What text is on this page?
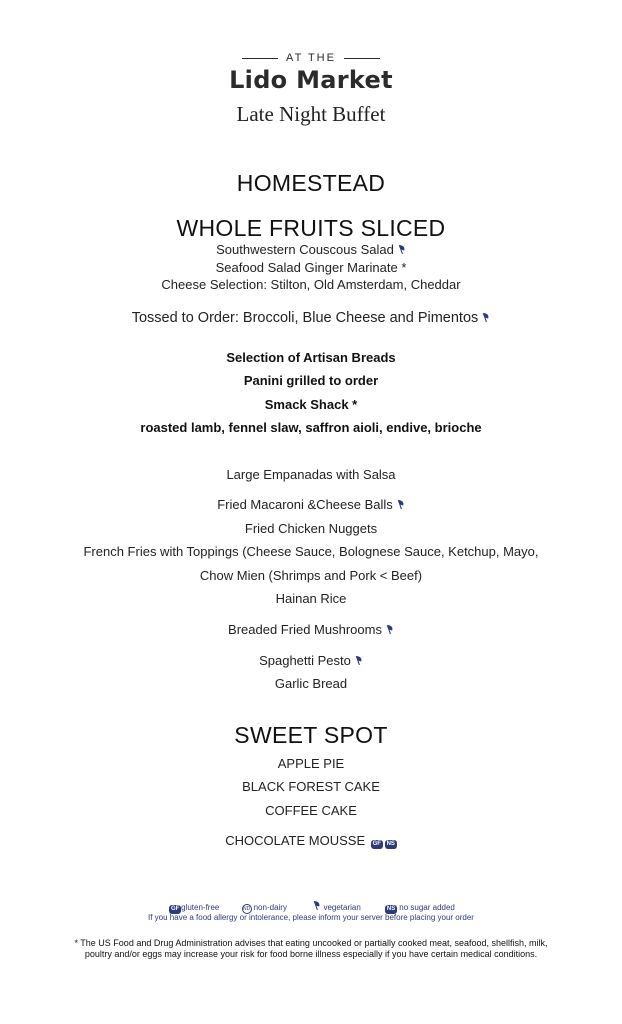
AT THE
Lido Market
Late Night Buffet
HOMESTEAD
WHOLE FRUITS SLICED
Southwestern Couscous Salad
Seafood Salad Ginger Marinate *
Cheese Selection: Stilton, Old Amsterdam, Cheddar
Tossed to Order: Broccoli, Blue Cheese and Pimentos
Selection of Artisan Breads
Panini grilled to order
Smack Shack *
roasted lamb, fennel slaw, saffron aioli, endive, brioche
Large Empanadas with Salsa
Fried Macaroni &Cheese Balls
Fried Chicken Nuggets
French Fries with Toppings (Cheese Sauce, Bolognese Sauce, Ketchup, Mayo,
Chow Mien (Shrimps and Pork < Beef)
Hainan Rice
Breaded Fried Mushrooms
Spaghetti Pesto
Garlic Bread
SWEET SPOT
APPLE PIE
BLACK FOREST CAKE
COFFEE CAKE
CHOCOLATE MOUSSE GF NS
GF gluten-free	ND non-dairy	vegetarian	NS no sugar added
If you have a food allergy or intolerance, please inform your server before placing your order
* The US Food and Drug Administration advises that eating uncooked or partially cooked meat, seafood, shellfish, milk, poultry and/or eggs may increase your risk for food borne illness especially if you have certain medical conditions.
